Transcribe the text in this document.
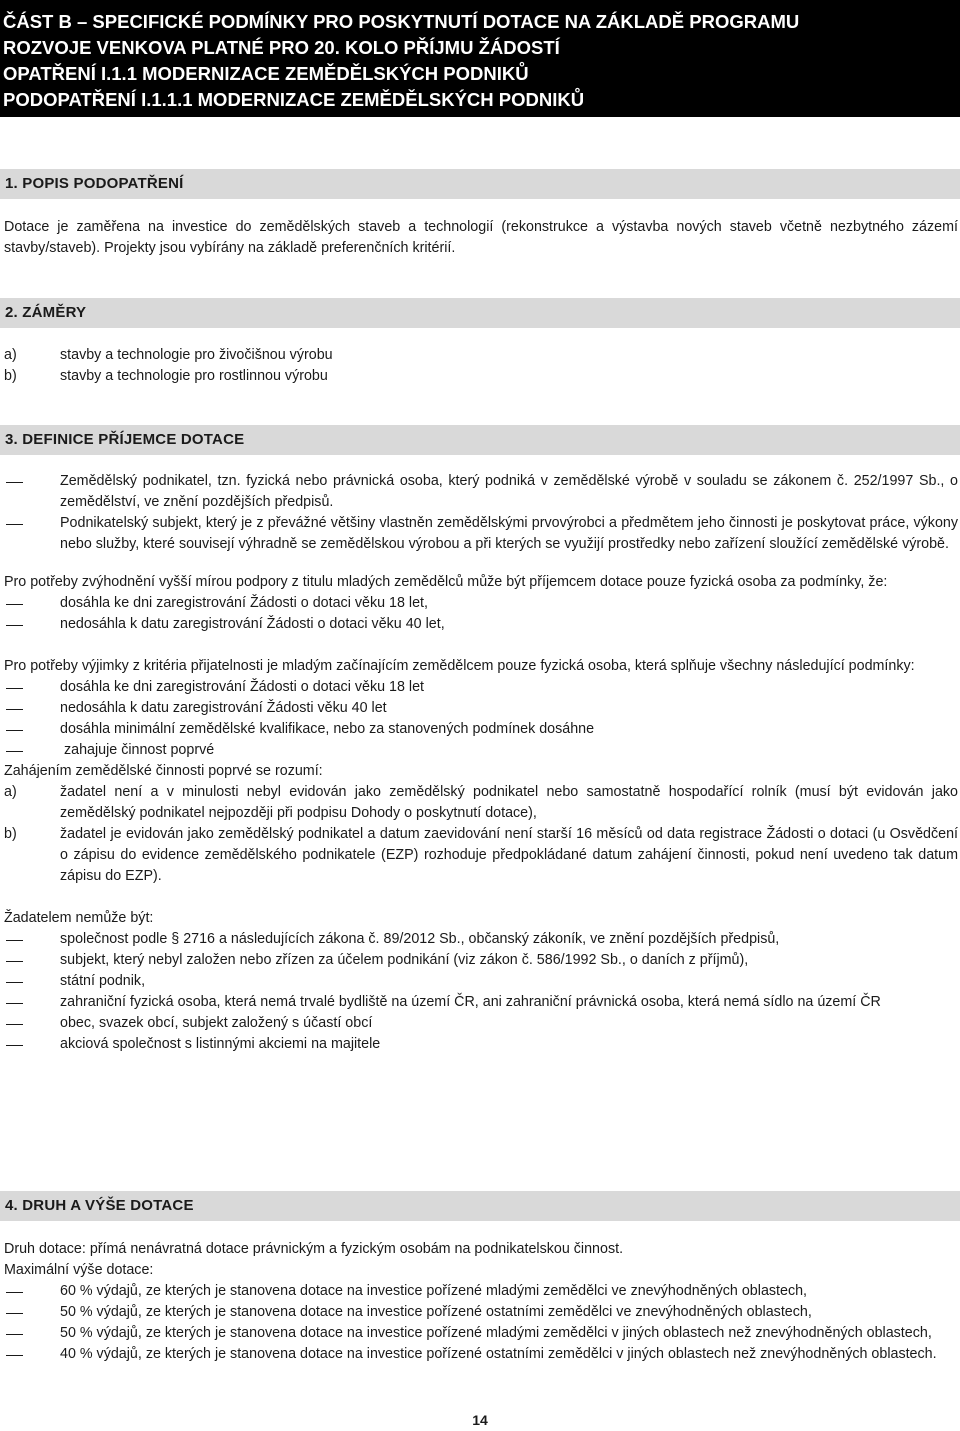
ČÁST B – SPECIFICKÉ PODMÍNKY PRO POSKYTNUTÍ DOTACE NA ZÁKLADĚ PROGRAMU
ROZVOJE VENKOVA PLATNÉ PRO 20. KOLO PŘÍJMU ŽÁDOSTÍ
OPATŘENÍ I.1.1 MODERNIZACE ZEMĚDĚLSKÝCH PODNIKŮ
PODOPATŘENÍ I.1.1.1 MODERNIZACE ZEMĚDĚLSKÝCH PODNIKŮ
1. POPIS PODOPATŘENÍ

Dotace je zaměřena na investice do zemědělských staveb a technologií (rekonstrukce a výstavba nových staveb včetně nezbytného zázemí stavby/staveb). Projekty jsou vybírány na základě preferenčních kritérií.

2. ZÁMĚRY
a)	stavby a technologie pro živočišnou výrobu
b)	stavby a technologie pro rostlinnou výrobu
3. DEFINICE PŘÍJEMCE DOTACE
Zemědělský podnikatel, tzn. fyzická nebo právnická osoba, který podniká v zemědělské výrobě v souladu se zákonem č. 252/1997 Sb., o zemědělství, ve znění pozdějších předpisů.
Podnikatelský subjekt, který je z převážné většiny vlastněn zemědělskými prvovýrobci a předmětem jeho činnosti je poskytovat práce, výkony nebo služby, které souvisejí výhradně se zemědělskou výrobou a při kterých se využijí prostředky nebo zařízení sloužící zemědělské výrobě.

Pro potřeby zvýhodnění vyšší mírou podpory z titulu mladých zemědělců může být příjemcem dotace pouze fyzická osoba za podmínky, že:

dosáhla ke dni zaregistrování Žádosti o dotaci věku 18 let,
nedosáhla k datu zaregistrování Žádosti o dotaci věku 40 let,

Pro potřeby výjimky z kritéria přijatelnosti je mladým začínajícím zemědělcem pouze fyzická osoba, která splňuje všechny následující podmínky:

dosáhla ke dni zaregistrování Žádosti o dotaci věku 18 let
nedosáhla k datu zaregistrování Žádosti věku 40 let
dosáhla minimální zemědělské kvalifikace, nebo za stanovených podmínek dosáhne
zahajuje činnost poprvé

Zahájením zemědělské činnosti poprvé se rozumí:

a)	žadatel není a v minulosti nebyl evidován jako zemědělský podnikatel nebo samostatně hospodařící rolník (musí být evidován jako zemědělský podnikatel nejpozději při podpisu Dohody o poskytnutí dotace),
b)	žadatel je evidován jako zemědělský podnikatel a datum zaevidování není starší 16 měsíců od data registrace Žádosti o dotaci (u Osvědčení o zápisu do evidence zemědělského podnikatele (EZP) rozhoduje předpokládané datum zahájení činnosti, pokud není uvedeno tak datum zápisu do EZP).

Žadatelem nemůže být:

společnost podle § 2716 a následujících zákona č. 89/2012 Sb., občanský zákoník, ve znění pozdějších předpisů,
subjekt, který nebyl založen nebo zřízen za účelem podnikání (viz zákon č. 586/1992 Sb., o daních z příjmů),
státní podnik,
zahraniční fyzická osoba, která nemá trvalé bydliště na území ČR, ani zahraniční právnická osoba, která nemá sídlo na území ČR
obec, svazek obcí, subjekt založený s účastí obcí
akciová společnost s listinnými akciemi na majitele
4. DRUH A VÝŠE DOTACE

Druh dotace: přímá nenávratná dotace právnickým a fyzickým osobám na podnikatelskou činnost.

Maximální výše dotace:

60 % výdajů, ze kterých je stanovena dotace na investice pořízené mladými zemědělci ve znevýhodněných oblastech,
50 % výdajů, ze kterých je stanovena dotace na investice pořízené ostatními zemědělci ve znevýhodněných oblastech,
50 % výdajů, ze kterých je stanovena dotace na investice pořízené mladými zemědělci v jiných oblastech než znevýhodněných oblastech,
40 % výdajů, ze kterých je stanovena dotace na investice pořízené ostatními zemědělci v jiných oblastech než znevýhodněných oblastech.
14
